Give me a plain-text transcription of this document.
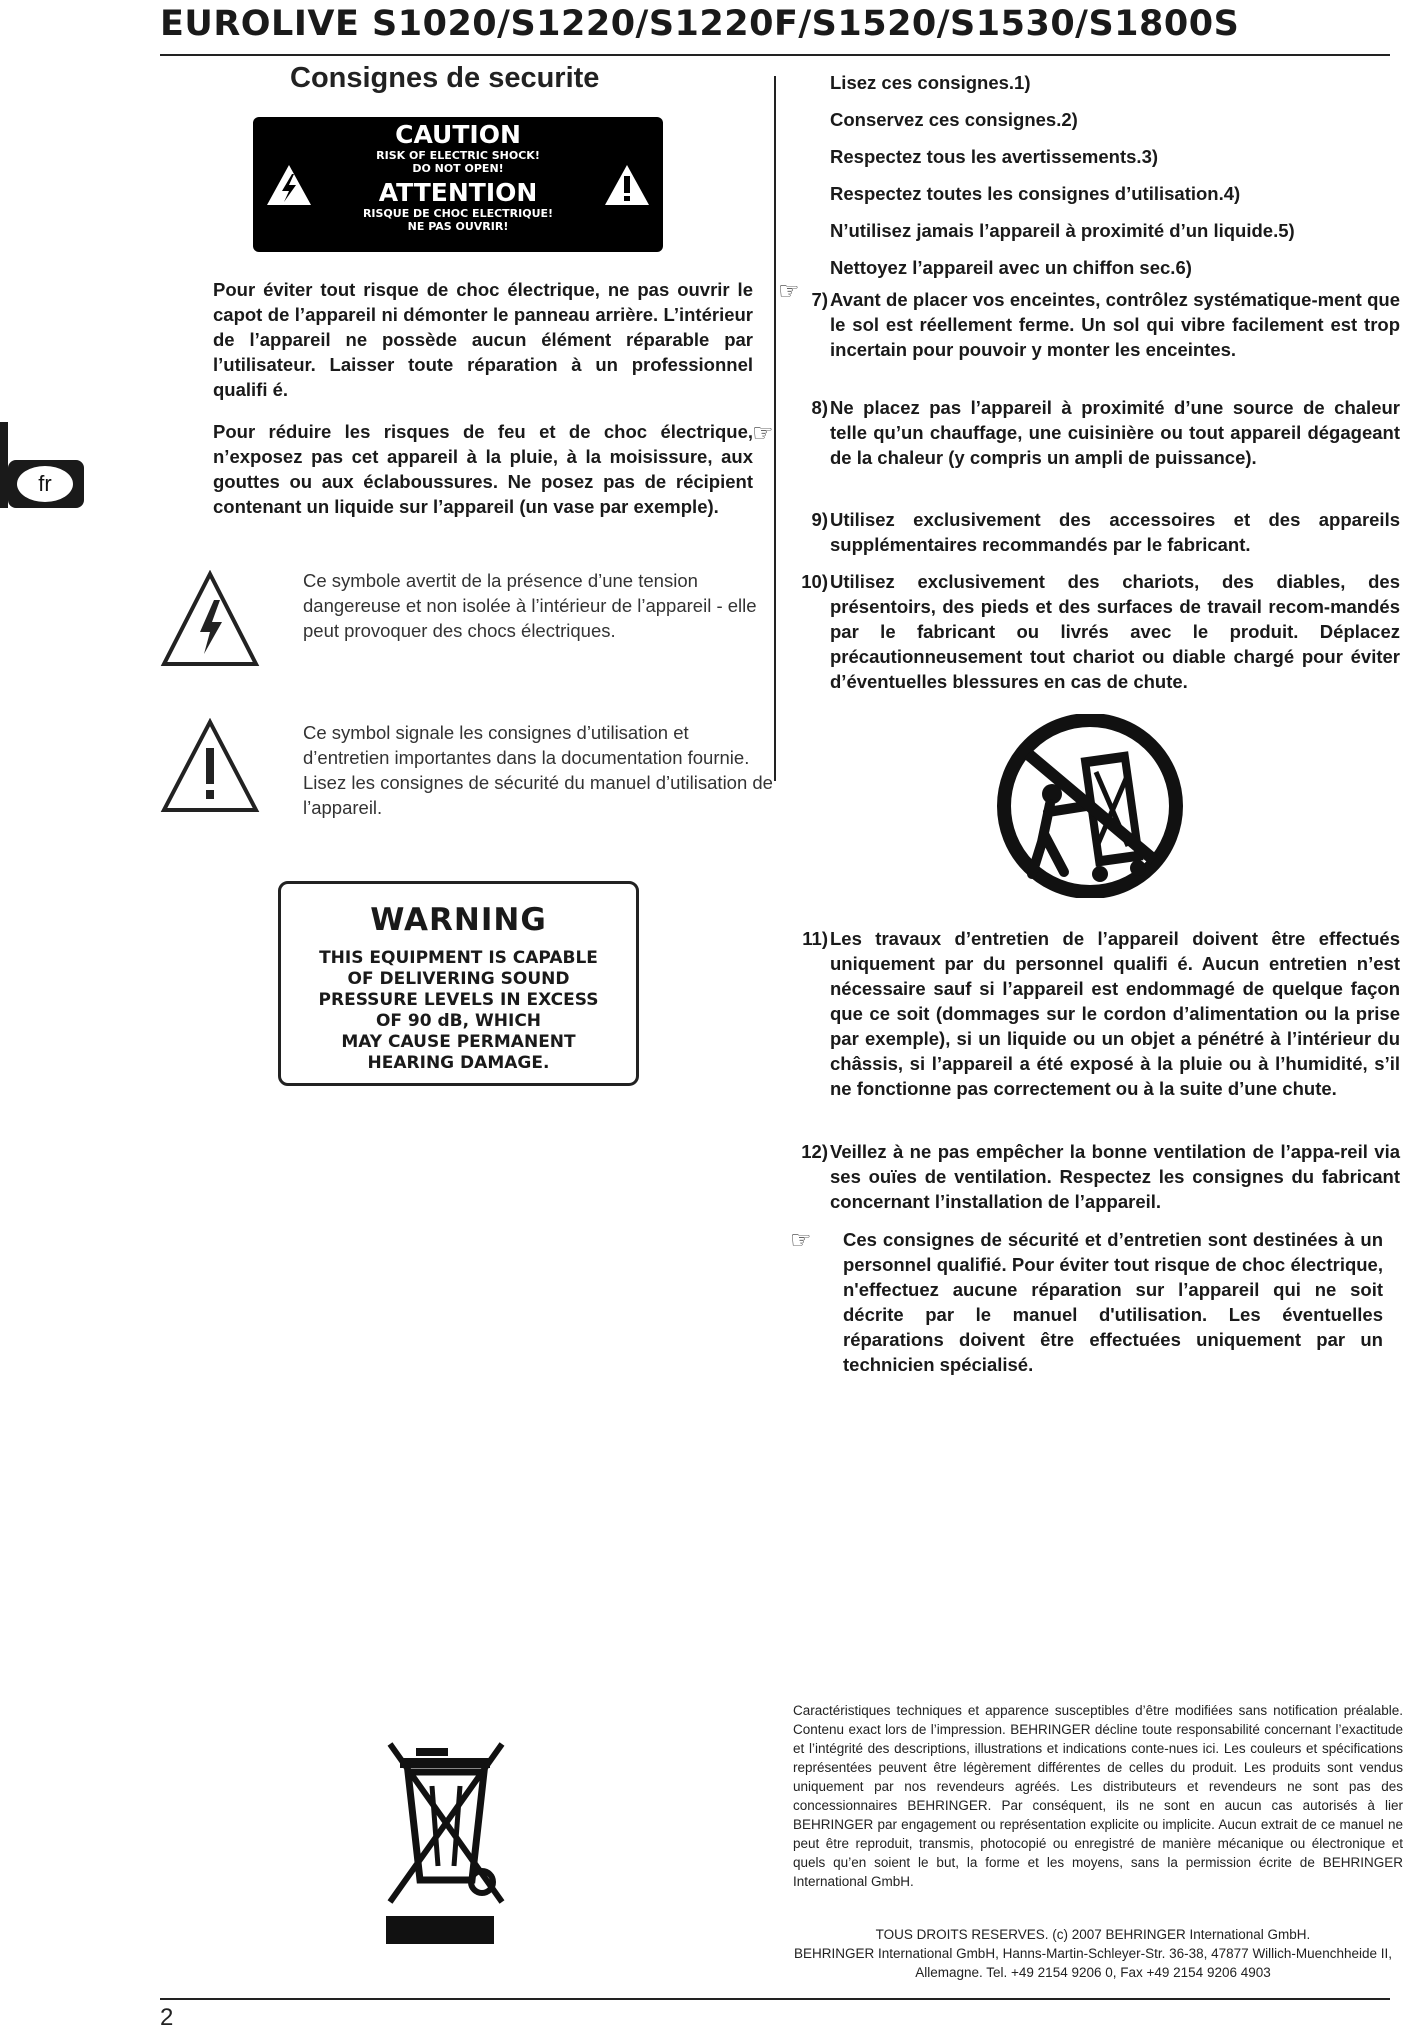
EUROLIVE S1020/S1220/S1220F/S1520/S1530/S1800S
fr
Consignes de securite
CAUTION
RISK OF ELECTRIC SHOCK!
DO NOT OPEN!
ATTENTION
RISQUE DE CHOC ELECTRIQUE!
NE PAS OUVRIR!

Pour éviter tout risque de choc électrique, ne pas ouvrir le capot de l’appareil ni démonter le panneau arrière. L’intérieur de l’appareil ne possède aucun élément réparable par l’utilisateur. Laisser toute réparation à un professionnel qualifi é.

☞

Pour réduire les risques de feu et de choc électrique, n’exposez pas cet appareil à la pluie, à la moisissure, aux gouttes ou aux éclaboussures. Ne posez pas de récipient contenant un liquide sur l’appareil (un vase par exemple).

☞

Ce symbole avertit de la présence d’une tension dangereuse et non isolée à l’intérieur de l’appareil - elle peut provoquer des chocs électriques.

Ce symbol signale les consignes d’utilisation et d’entretien importantes dans la documentation fournie. Lisez les consignes de sécurité du manuel d’utilisation de l’appareil.

WARNING
THIS EQUIPMENT IS CAPABLE
OF DELIVERING SOUND
PRESSURE LEVELS IN EXCESS
OF 90 dB, WHICH
MAY CAUSE PERMANENT
HEARING DAMAGE.
Lisez ces consignes.1)
Conservez ces consignes.2)
Respectez tous les avertissements.3)
Respectez toutes les consignes d’utilisation.4)
N’utilisez jamais l’appareil à proximité d’un liquide.5)
Nettoyez l’appareil avec un chiffon sec.6)
7) Avant de placer vos enceintes, contrôlez systématique-ment que le sol est réellement ferme. Un sol qui vibre facilement est trop incertain pour pouvoir y monter les enceintes.
8) Ne placez pas l’appareil à proximité d’une source de chaleur telle qu’un chauffage, une cuisinière ou tout appareil dégageant de la chaleur (y compris un ampli de puissance).
9) Utilisez exclusivement des accessoires et des appareils supplémentaires recommandés par le fabricant.
10) Utilisez exclusivement des chariots, des diables, des présentoirs, des pieds et des surfaces de travail recom-mandés par le fabricant ou livrés avec le produit. Déplacez précautionneusement tout chariot ou diable chargé pour éviter d’éventuelles blessures en cas de chute.
11) Les travaux d’entretien de l’appareil doivent être effectués uniquement par du personnel qualifi é. Aucun entretien n’est nécessaire sauf si l’appareil est endommagé de quelque façon que ce soit (dommages sur le cordon d’alimentation ou la prise par exemple), si un liquide ou un objet a pénétré à l’intérieur du châssis, si l’appareil a été exposé à la pluie ou à l’humidité, s’il ne fonctionne pas correctement ou à la suite d’une chute.
12) Veillez à ne pas empêcher la bonne ventilation de l’appa-reil via ses ouïes de ventilation. Respectez les consignes du fabricant concernant l’installation de l’appareil.
☞ Ces consignes de sécurité et d’entretien sont destinées à un personnel qualifié. Pour éviter tout risque de choc électrique, n'effectuez aucune réparation sur l’appareil qui ne soit décrite par le manuel d'utilisation. Les éventuelles réparations doivent être effectuées uniquement par un technicien spécialisé.
Caractéristiques techniques et apparence susceptibles d’être modifiées sans notification préalable. Contenu exact lors de l’impression. BEHRINGER décline toute responsabilité concernant l’exactitude et l’intégrité des descriptions, illustrations et indications conte-nues ici. Les couleurs et spécifications représentées peuvent être légèrement différentes de celles du produit. Les produits sont vendus uniquement par nos revendeurs agréés. Les distributeurs et revendeurs ne sont pas des concessionnaires BEHRINGER. Par conséquent, ils ne sont en aucun cas autorisés à lier BEHRINGER par engagement ou représentation explicite ou implicite. Aucun extrait de ce manuel ne peut être reproduit, transmis, photocopié ou enregistré de manière mécanique ou électronique et quels qu’en soient le but, la forme et les moyens, sans la permission écrite de BEHRINGER International GmbH.
TOUS DROITS RESERVES. (c) 2007 BEHRINGER International GmbH.
BEHRINGER International GmbH, Hanns-Martin-Schleyer-Str. 36-38, 47877 Willich-Muenchheide II, Allemagne. Tel. +49 2154 9206 0, Fax +49 2154 9206 4903
2
